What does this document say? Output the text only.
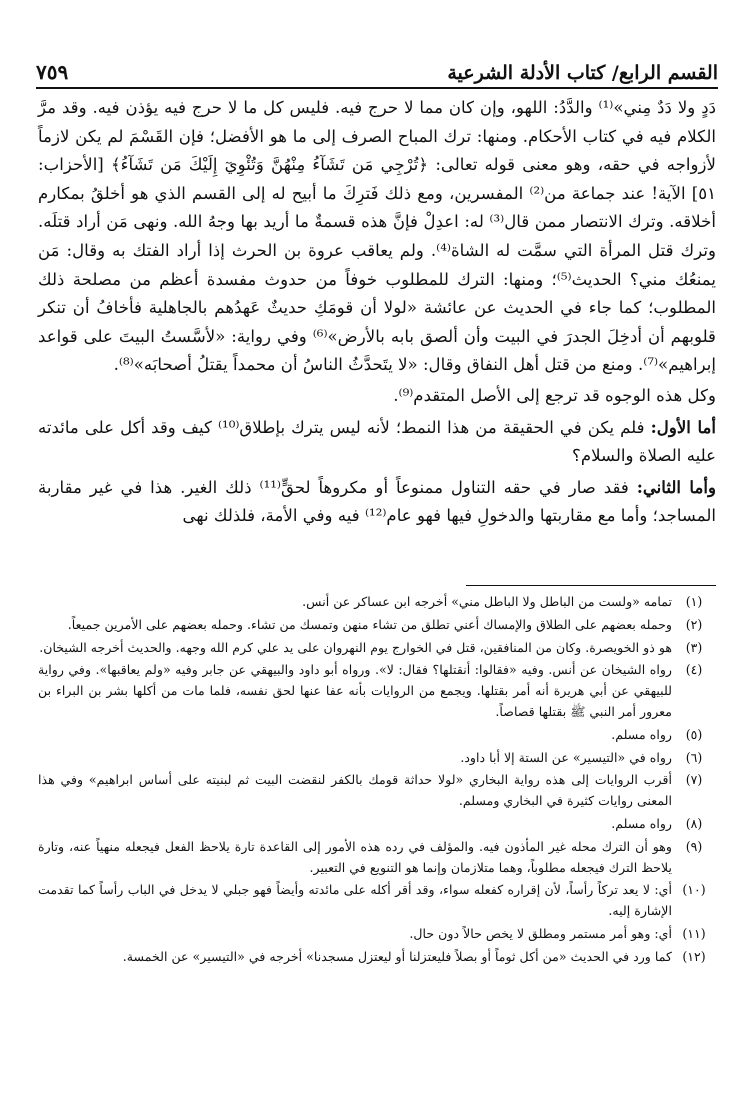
القسم الرابع/ كتاب الأدلة الشرعية
٧٥٩

دَدٍ ولا دَدٌ مِني»⁽¹⁾ والدَّدُ: اللهو، وإن كان مما لا حرج فيه. فليس كل ما لا حرج فيه يؤذن فيه. وقد مرَّ الكلام فيه في كتاب الأحكام. ومنها: ترك المباح الصرف إلى ما هو الأفضل؛ فإن القَسْمَ لم يكن لازماً لأزواجه في حقه، وهو معنى قوله تعالى: ﴿تُرْجِي مَن تَشَآءُ مِنْهُنَّ وَتُئْوِيٓ إِلَيْكَ مَن تَشَآءُ﴾ [الأحزاب: ٥١] الآية! عند جماعة من⁽²⁾ المفسرين، ومع ذلك فَترِكَ ما أبيح له إلى القسم الذي هو أخلقُ بمكارم أخلاقه. وترك الانتصار ممن قال⁽³⁾ له: اعدِلْ فإنَّ هذه قسمةٌ ما أريد بها وجهُ الله. ونهى مَن أراد قتلَه. وترك قتل المرأة التي سمَّت له الشاة⁽⁴⁾. ولم يعاقب عروة بن الحرث إذا أراد الفتك به وقال: مَن يمنعُك مني؟ الحديث⁽⁵⁾؛ ومنها: الترك للمطلوب خوفاً من حدوث مفسدة أعظم من مصلحة ذلك المطلوب؛ كما جاء في الحديث عن عائشة «لولا أن قومَكِ حديثٌ عَهدُهم بالجاهلية فأخافُ أن تنكر قلوبهم أن أدخِلَ الجدرَ في البيت وأن ألصق بابه بالأرض»⁽⁶⁾ وفي رواية: «لأسَّستُ البيتَ على قواعد إبراهيم»⁽⁷⁾. ومنع من قتل أهل النفاق وقال: «لا يتَحدَّثُ الناسُ أن محمداً يقتلُ أصحابَه»⁽⁸⁾.

وكل هذه الوجوه قد ترجع إلى الأصل المتقدم⁽⁹⁾.

أما الأول: فلم يكن في الحقيقة من هذا النمط؛ لأنه ليس يترك بإطلاق⁽¹⁰⁾ كيف وقد أكل على مائدته عليه الصلاة والسلام؟

وأما الثاني: فقد صار في حقه التناول ممنوعاً أو مكروهاً لحقٍّ⁽¹¹⁾ ذلك الغير. هذا في غير مقاربة المساجد؛ وأما مع مقاربتها والدخولِ فيها فهو عام⁽¹²⁾ فيه وفي الأمة، فلذلك نهى

(١)
تمامه «ولست من الباطل ولا الباطل مني» أخرجه ابن عساكر عن أنس.
(٢)
وحمله بعضهم على الطلاق والإمساك أعني تطلق من تشاء منهن وتمسك من تشاء. وحمله بعضهم على الأمرين جميعاً.
(٣)
هو ذو الخويصرة. وكان من المنافقين، قتل في الخوارج يوم النهروان على يد علي كرم الله وجهه. والحديث أخرجه الشيخان.
(٤)
رواه الشيخان عن أنس. وفيه «فقالوا: أنقتلها؟ فقال: لا». ورواه أبو داود والبيهقي عن جابر وفيه «ولم يعاقبها». وفي رواية للبيهقي عن أبي هريرة أنه أمر بقتلها. ويجمع من الروايات بأنه عفا عنها لحق نفسه، فلما مات من أكلها بشر بن البراء بن معرور أمر النبي ﷺ بقتلها قصاصاً.
(٥)
رواه مسلم.
(٦)
رواه في «التيسير» عن الستة إلا أبا داود.
(٧)
أقرب الروايات إلى هذه رواية البخاري «لولا حداثة قومك بالكفر لنقضت البيت ثم لبنيته على أساس ابراهيم» وفي هذا المعنى روايات كثيرة في البخاري ومسلم.
(٨)
رواه مسلم.
(٩)
وهو أن الترك محله غير المأذون فيه. والمؤلف في رده هذه الأمور إلى القاعدة تارة يلاحظ الفعل فيجعله منهياً عنه، وتارة يلاحظ الترك فيجعله مطلوباً، وهما متلازمان وإنما هو التنويع في التعبير.
(١٠)
أي: لا يعد تركاً رأساً، لأن إقراره كفعله سواء، وقد أقر أكله على مائدته وأيضاً فهو جبلي لا يدخل في الباب رأساً كما تقدمت الإشارة إليه.
(١١)
أي: وهو أمر مستمر ومطلق لا يخص حالاً دون حال.
(١٢)
كما ورد في الحديث «من أكل ثوماً أو بصلاً فليعتزلنا أو ليعتزل مسجدنا» أخرجه في «التيسير» عن الخمسة.
